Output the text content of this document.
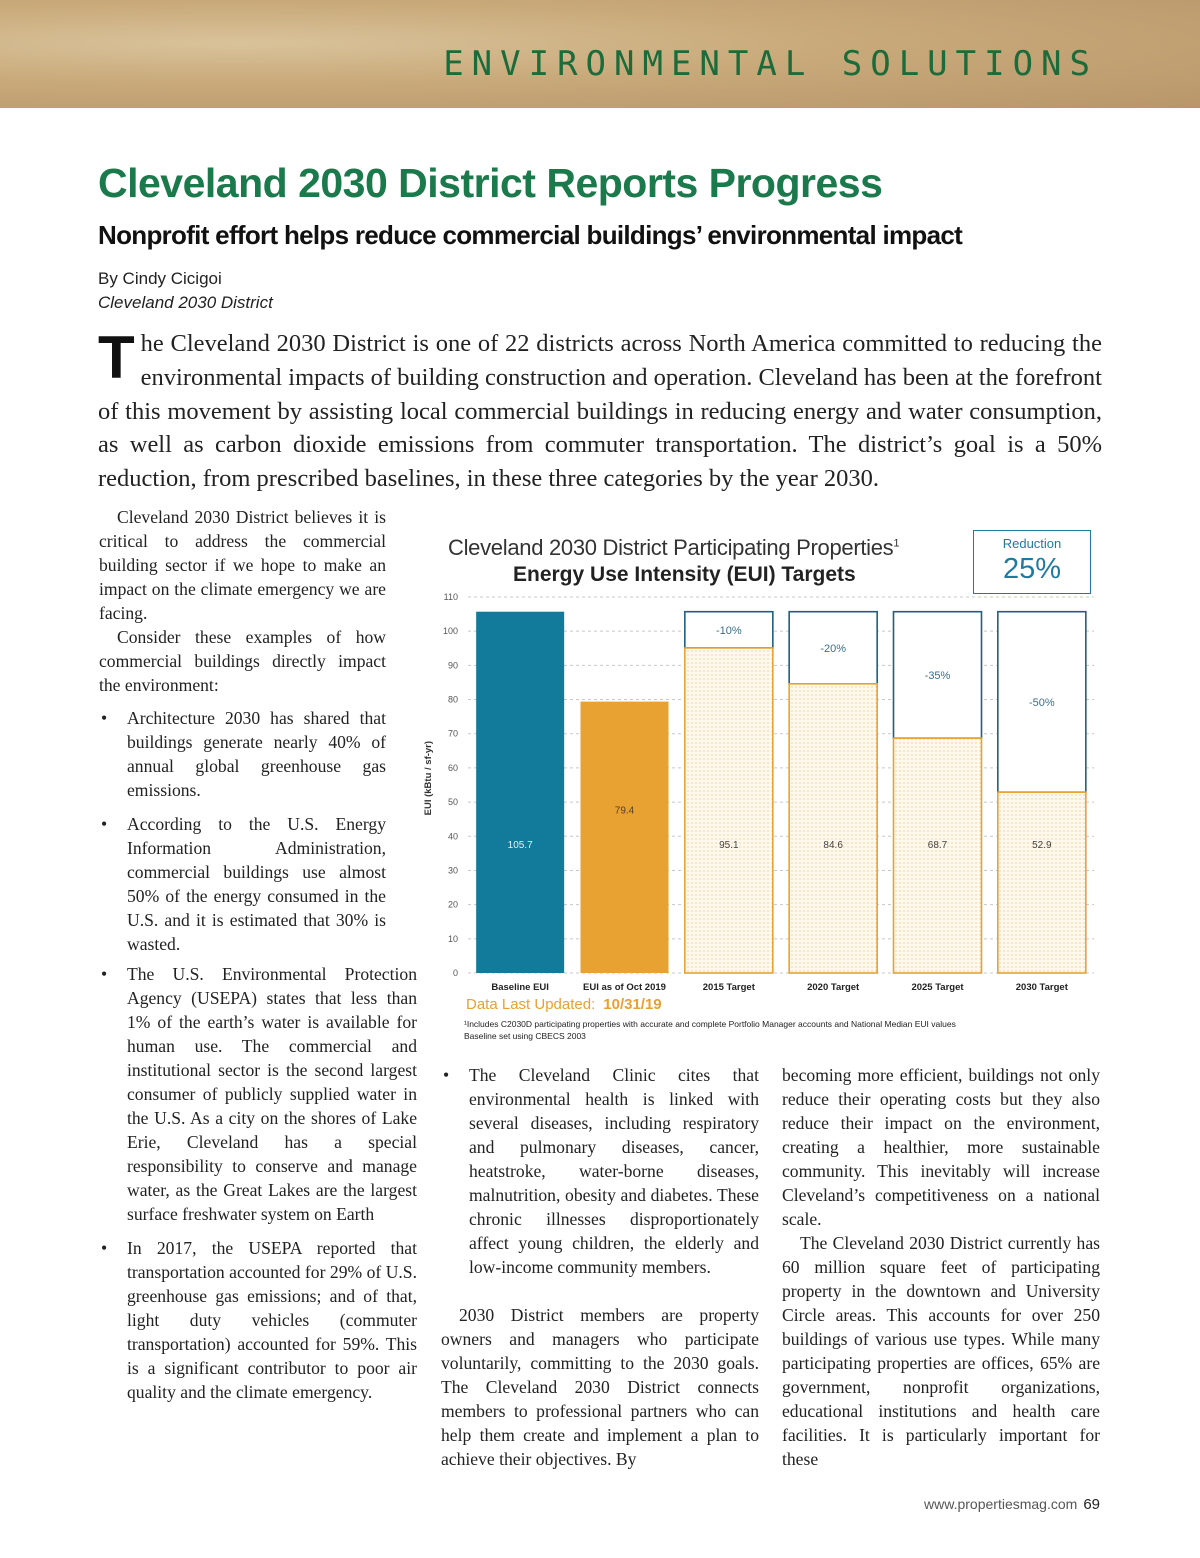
ENVIRONMENTAL SOLUTIONS
Cleveland 2030 District Reports Progress
Nonprofit effort helps reduce commercial buildings’ environmental impact
By Cindy Cicigoi
Cleveland 2030 District
The Cleveland 2030 District is one of 22 districts across North America committed to reducing the environmental impacts of building construction and operation. Cleveland has been at the forefront of this movement by assisting local commercial buildings in reducing energy and water consumption, as well as carbon dioxide emissions from commuter transportation. The district’s goal is a 50% reduction, from prescribed baselines, in these three categories by the year 2030.

Cleveland 2030 District believes it is critical to address the commercial building sector if we hope to make an impact on the climate emergency we are facing.

Consider these examples of how commercial buildings directly impact the environment:

• Architecture 2030 has shared that buildings generate nearly 40% of annual global greenhouse gas emissions.
• According to the U.S. Energy Information Administration, commercial buildings use almost 50% of the energy consumed in the U.S. and it is estimated that 30% is wasted.
• The U.S. Environmental Protection Agency (USEPA) states that less than 1% of the earth’s water is available for human use. The commercial and institutional sector is the second largest consumer of publicly supplied water in the U.S. As a city on the shores of Lake Erie, Cleveland has a special responsibility to conserve and manage water, as the Great Lakes are the largest surface freshwater system on Earth
• In 2017, the USEPA reported that transportation accounted for 29% of U.S. greenhouse gas emissions; and of that, light duty vehicles (commuter transportation) accounted for 59%. This is a significant contributor to poor air quality and the climate emergency.
• The Cleveland Clinic cites that environmental health is linked with several diseases, including respiratory and pulmonary diseases, cancer, heatstroke, water-borne diseases, malnutrition, obesity and diabetes. These chronic illnesses disproportionately affect young children, the elderly and low-income community members.

2030 District members are property owners and managers who participate voluntarily, committing to the 2030 goals. The Cleveland 2030 District connects members to professional partners who can help them create and implement a plan to achieve their objectives. By

becoming more efficient, buildings not only reduce their operating costs but they also reduce their impact on the environment, creating a healthier, more sustainable community. This inevitably will increase Cleveland’s competitiveness on a national scale.

The Cleveland 2030 District currently has 60 million square feet of participating property in the downtown and University Circle areas. This accounts for over 250 buildings of various use types. While many participating properties are offices, 65% are government, nonprofit organizations, educational institutions and health care facilities. It is particularly important for these

Cleveland 2030 District Participating Properties$^1$
Energy Use Intensity (EUI) Targets
Reduction
25%
0
10
20
30
40
50
60
70
80
90
100
110
EUI (kBtu / sf-yr)
105.7
Baseline EUI
79.4
EUI as of Oct 2019
-10%
95.1
2015 Target
-20%
84.6
2020 Target
-35%
68.7
2025 Target
-50%
52.9
2030 Target
Data Last Updated: 10/31/19
¹Includes C2030D participating properties with accurate and complete Portfolio Manager accounts and National Median EUI values
Baseline set using CBECS 2003
www.propertiesmag.com 69
